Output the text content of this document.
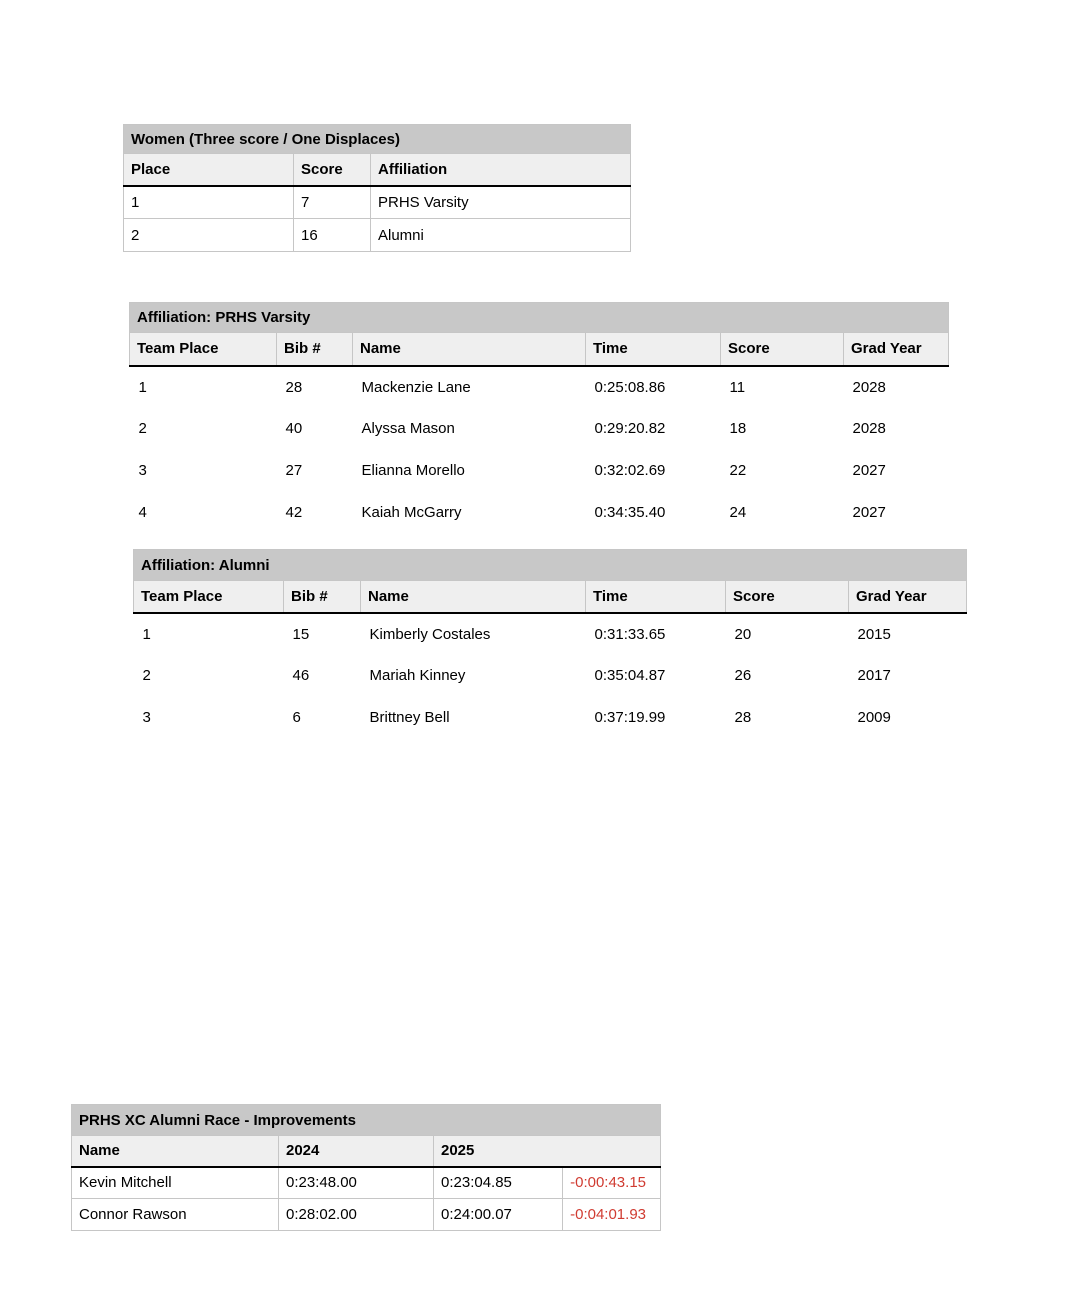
Women (Three score / One Displaces)		
Place	Score	Affiliation
1	7	PRHS Varsity
2	16	Alumni
Affiliation: PRHS Varsity					
Team Place	Bib #	Name	Time	Score	Grad Year
1	28	Mackenzie Lane	0:25:08.86	11	2028
2	40	Alyssa Mason	0:29:20.82	18	2028
3	27	Elianna Morello	0:32:02.69	22	2027
4	42	Kaiah McGarry	0:34:35.40	24	2027
Affiliation: Alumni					
Team Place	Bib #	Name	Time	Score	Grad Year
1	15	Kimberly Costales	0:31:33.65	20	2015
2	46	Mariah Kinney	0:35:04.87	26	2017
3	6	Brittney Bell	0:37:19.99	28	2009
PRHS XC Alumni Race - Improvements			
Name	2024	2025	
Kevin Mitchell	0:23:48.00	0:23:04.85	-0:00:43.15
Connor Rawson	0:28:02.00	0:24:00.07	-0:04:01.93
